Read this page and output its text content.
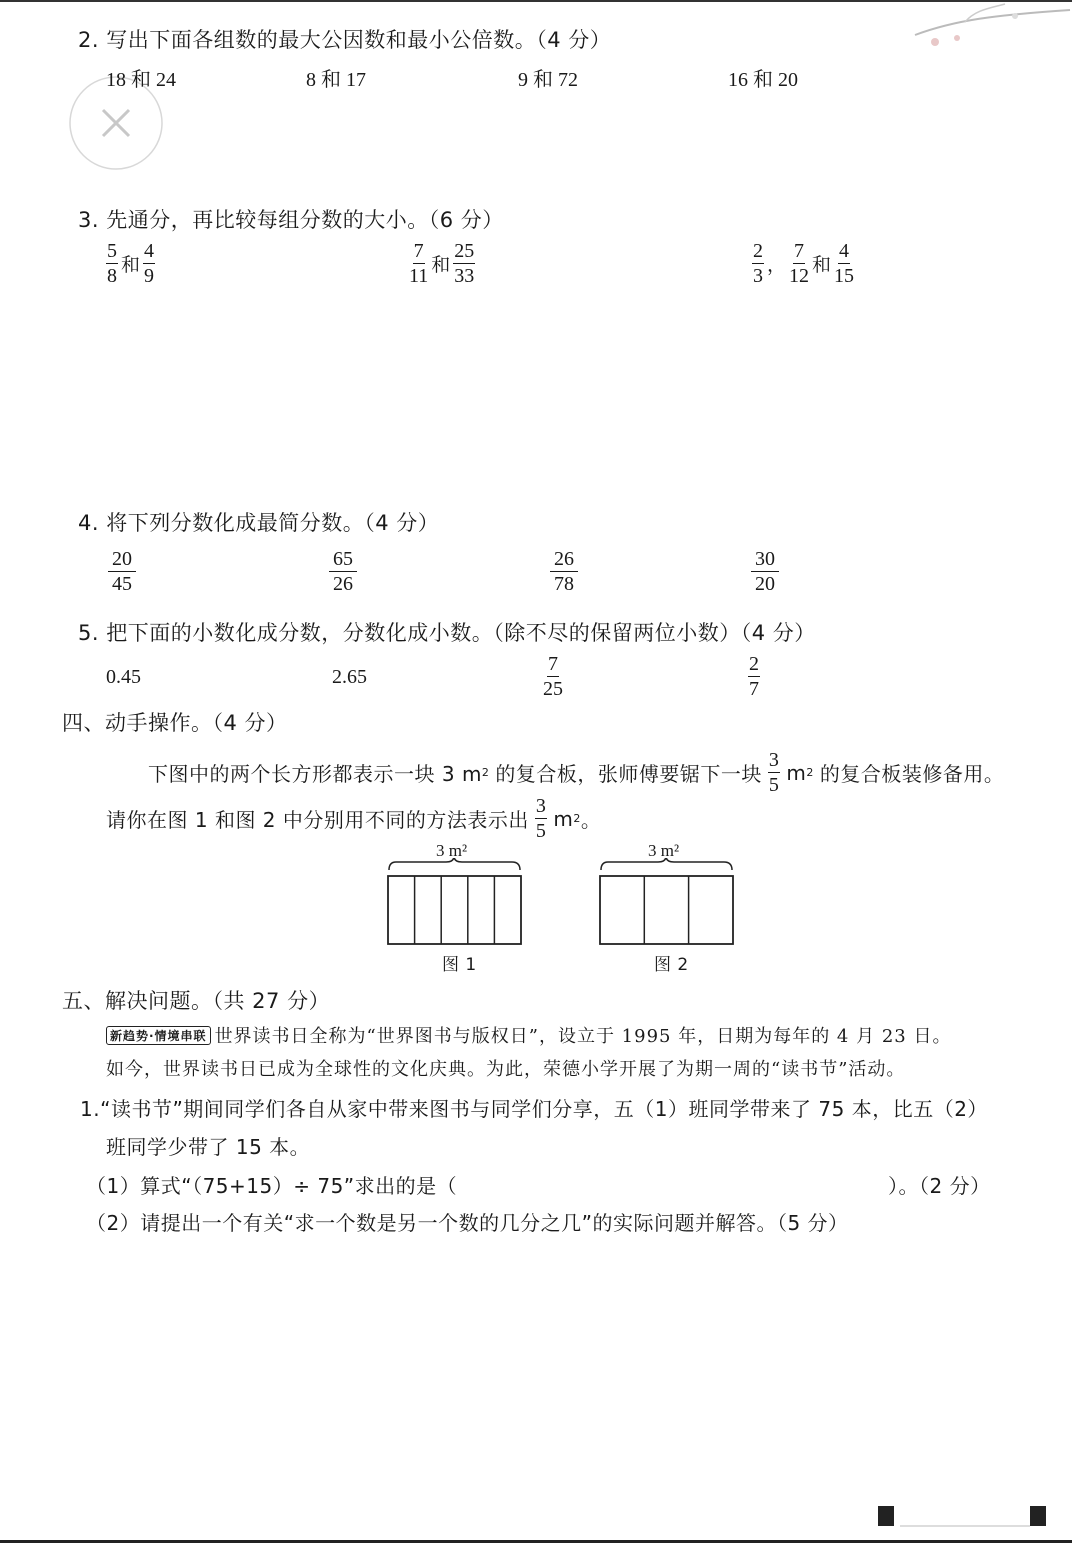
2. 写出下面各组数的最大公因数和最小公倍数。（4 分）
18 和 24	8 和 17	9 和 72	16 和 20
3. 先通分，再比较每组分数的大小。（6 分）
$\frac{5}{8}$ 和 $\frac{4}{9}$	$\frac{7}{11}$ 和 $\frac{25}{33}$	$\frac{2}{3}$ ， $\frac{7}{12}$ 和 $\frac{4}{15}$
4. 将下列分数化成最简分数。（4 分）
$\frac{20}{45}$	$\frac{65}{26}$	$\frac{26}{78}$	$\frac{30}{20}$
5. 把下面的小数化成分数，分数化成小数。（除不尽的保留两位小数）（4 分）
0.45	2.65	$\frac{7}{25}$	$\frac{2}{7}$
四、动手操作。（4 分）
下图中的两个长方形都表示一块 3 m 2 的复合板，张师傅要锯下一块 $\frac{3}{5}$ m 2 的复合板装修备用。
请你在图 1 和图 2 中分别用不同的方法表示出 $\frac{3}{5}$ m 2 。
3 m²
图 1
3 m²
图 2
五、解决问题。（共 27 分）
新趋势·情境串联 世界读书日全称为“世界图书与版权日”，设立于 1995 年，日期为每年的 4 月 23 日。
如今，世界读书日已成为全球性的文化庆典。为此，荣德小学开展了为期一周的“读书节”活动。
1.“读书节”期间同学们各自从家中带来图书与同学们分享，五（1）班同学带来了 75 本，比五（2）
班同学少带了 15 本。
（1）算式“（75+15）÷ 75”求出的是（	）。（2 分）
（2）请提出一个有关“求一个数是另一个数的几分之几”的实际问题并解答。（5 分）
